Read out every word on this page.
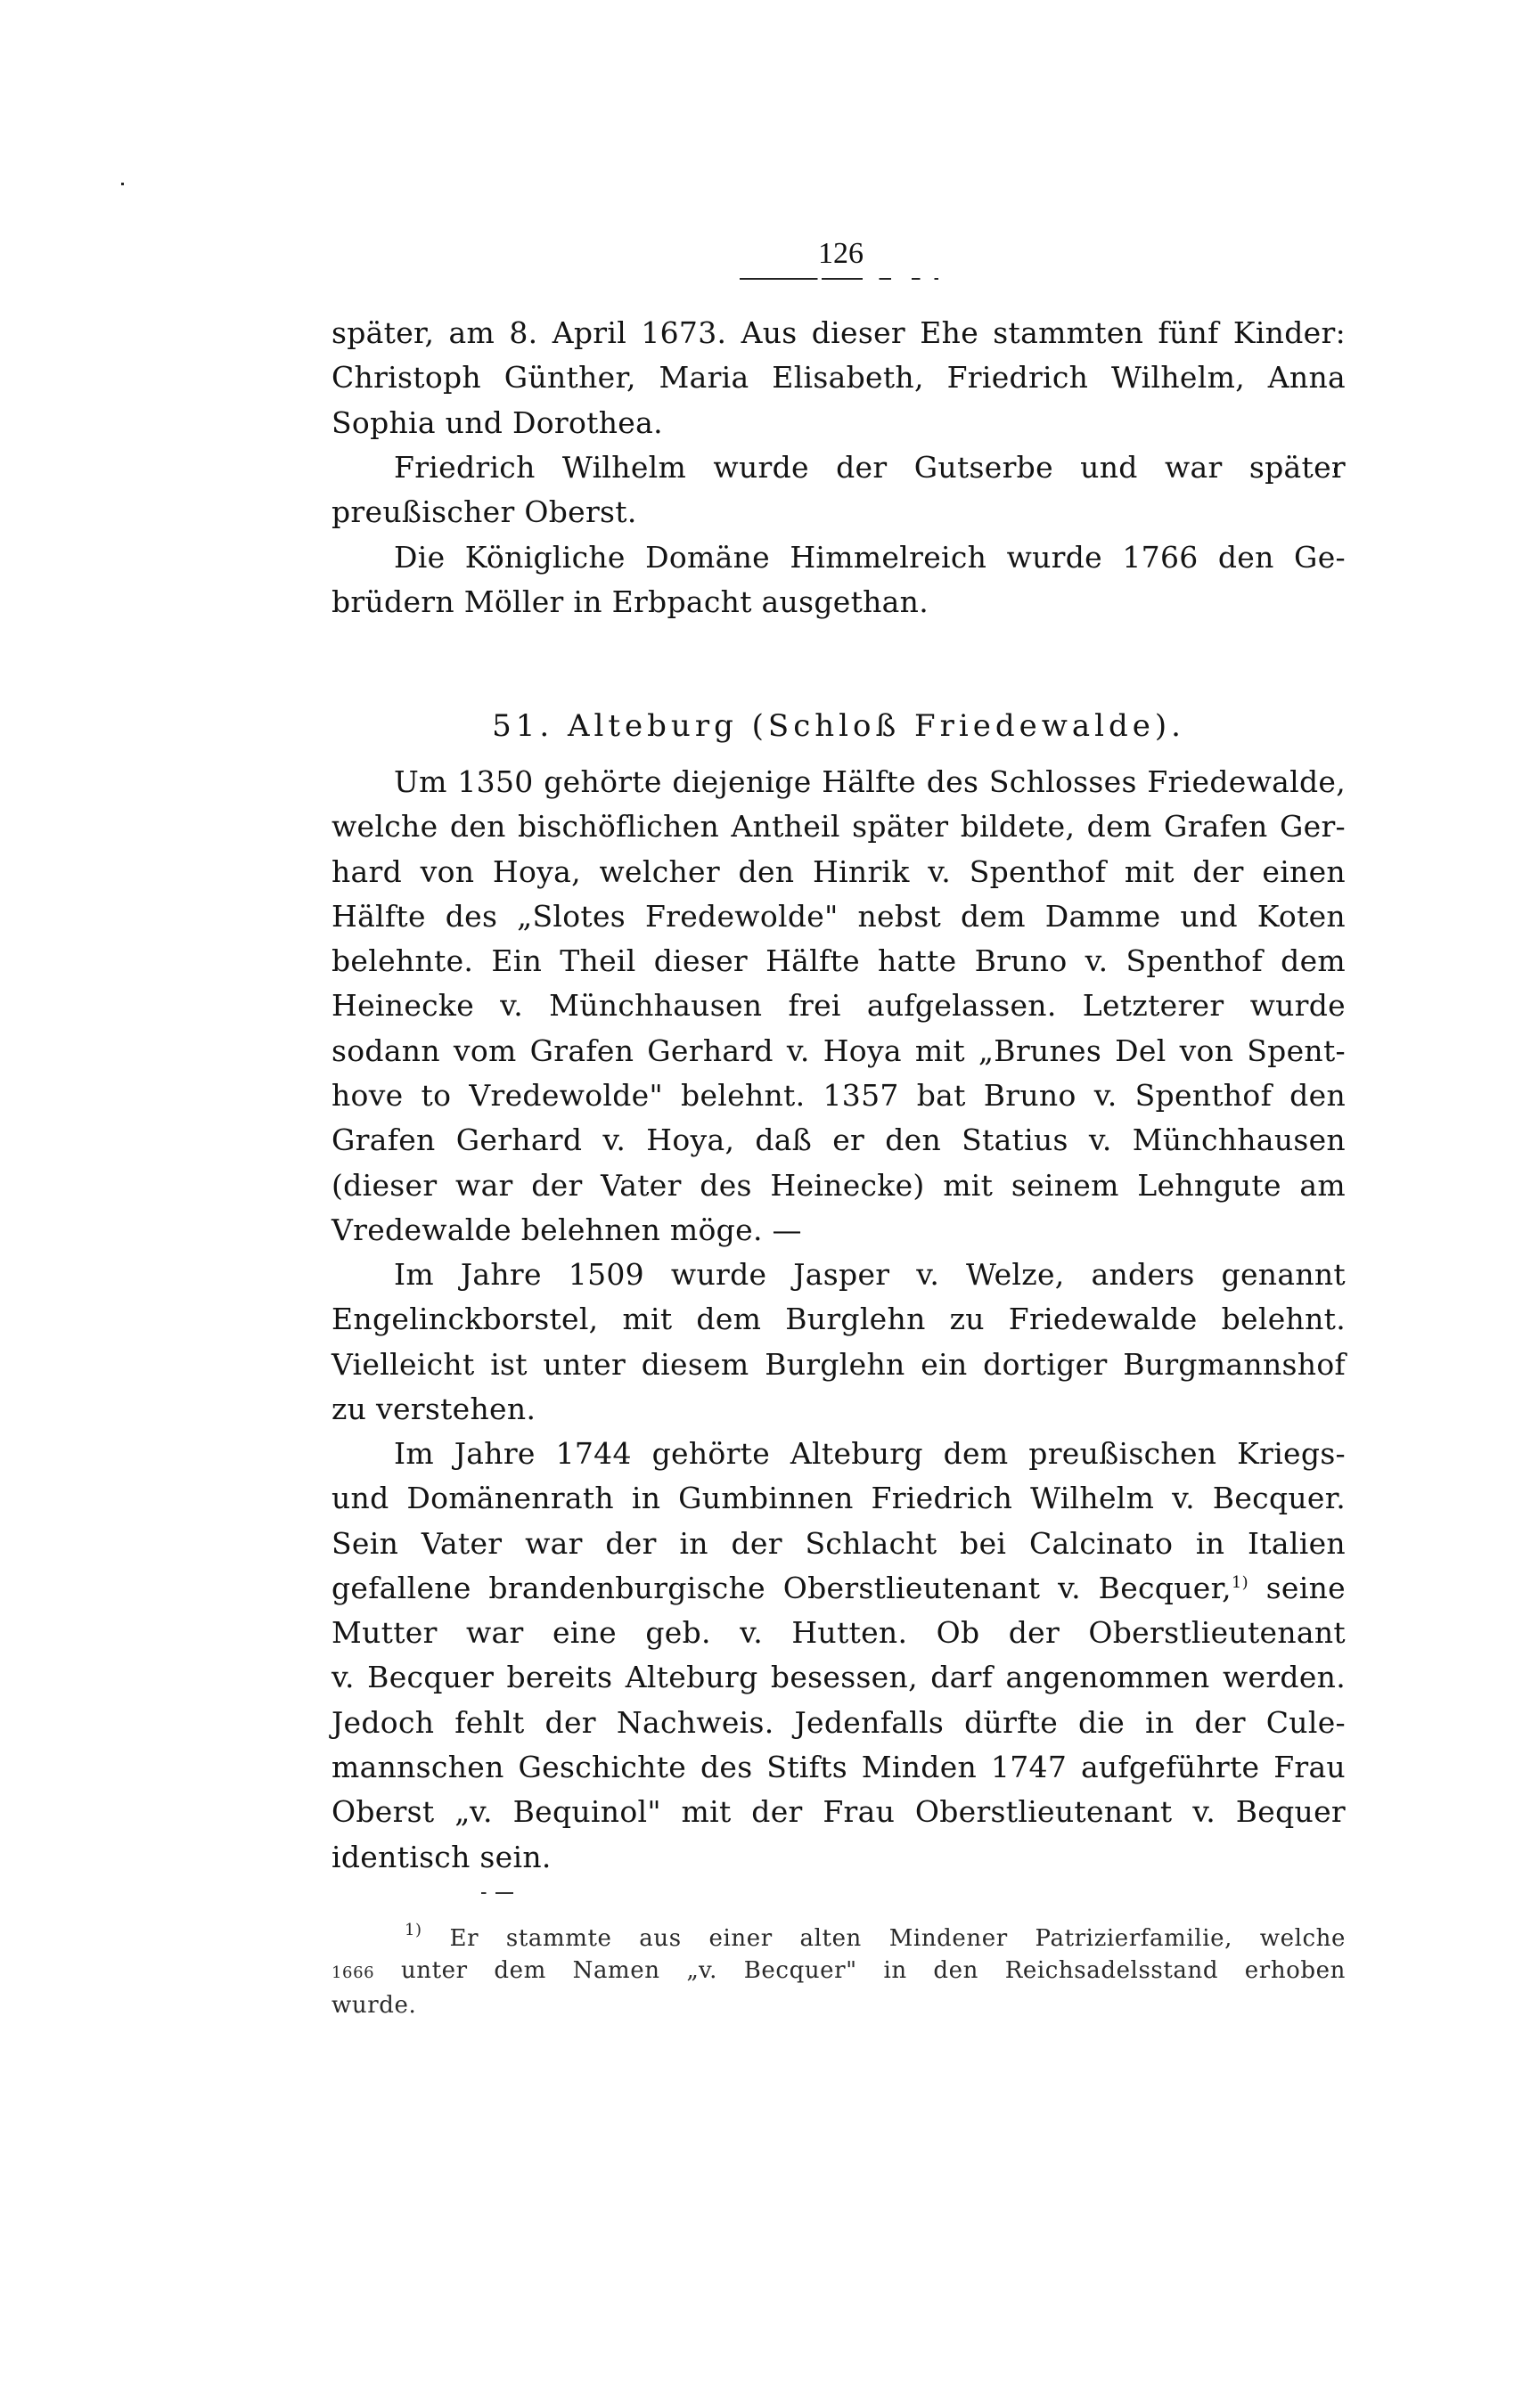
126
später, am 8. April 1673. Aus dieser Ehe stammten fünf Kinder:
Christoph Günther, Maria Elisabeth, Friedrich Wilhelm, Anna
Sophia und Dorothea.
Friedrich Wilhelm wurde der Gutserbe und war später
preußischer Oberst.
Die Königliche Domäne Himmelreich wurde 1766 den Ge-
brüdern Möller in Erbpacht ausgethan.
51. Alteburg (Schloß Friedewalde).
Um 1350 gehörte diejenige Hälfte des Schlosses Friedewalde,
welche den bischöflichen Antheil später bildete, dem Grafen Ger-
hard von Hoya, welcher den Hinrik v. Spenthof mit der einen
Hälfte des „Slotes Fredewolde" nebst dem Damme und Koten
belehnte. Ein Theil dieser Hälfte hatte Bruno v. Spenthof dem
Heinecke v. Münchhausen frei aufgelassen. Letzterer wurde
sodann vom Grafen Gerhard v. Hoya mit „Brunes Del von Spent-
hove to Vredewolde" belehnt. 1357 bat Bruno v. Spenthof den
Grafen Gerhard v. Hoya, daß er den Statius v. Münchhausen
(dieser war der Vater des Heinecke) mit seinem Lehngute am
Vredewalde belehnen möge. —
Im Jahre 1509 wurde Jasper v. Welze, anders genannt
Engelinckborstel, mit dem Burglehn zu Friedewalde belehnt.
Vielleicht ist unter diesem Burglehn ein dortiger Burgmannshof
zu verstehen.
Im Jahre 1744 gehörte Alteburg dem preußischen Kriegs-
und Domänenrath in Gumbinnen Friedrich Wilhelm v. Becquer.
Sein Vater war der in der Schlacht bei Calcinato in Italien
gefallene brandenburgische Oberstlieutenant v. Becquer,$^{1)}$ seine
Mutter war eine geb. v. Hutten. Ob der Oberstlieutenant
v. Becquer bereits Alteburg besessen, darf angenommen werden.
Jedoch fehlt der Nachweis. Jedenfalls dürfte die in der Cule-
mannschen Geschichte des Stifts Minden 1747 aufgeführte Frau
Oberst „v. Bequinol" mit der Frau Oberstlieutenant v. Bequer
identisch sein.
$^{1)}$ Er stammte aus einer alten Mindener Patrizierfamilie, welche
1666 unter dem Namen „v. Becquer" in den Reichsadelsstand erhoben
wurde.
